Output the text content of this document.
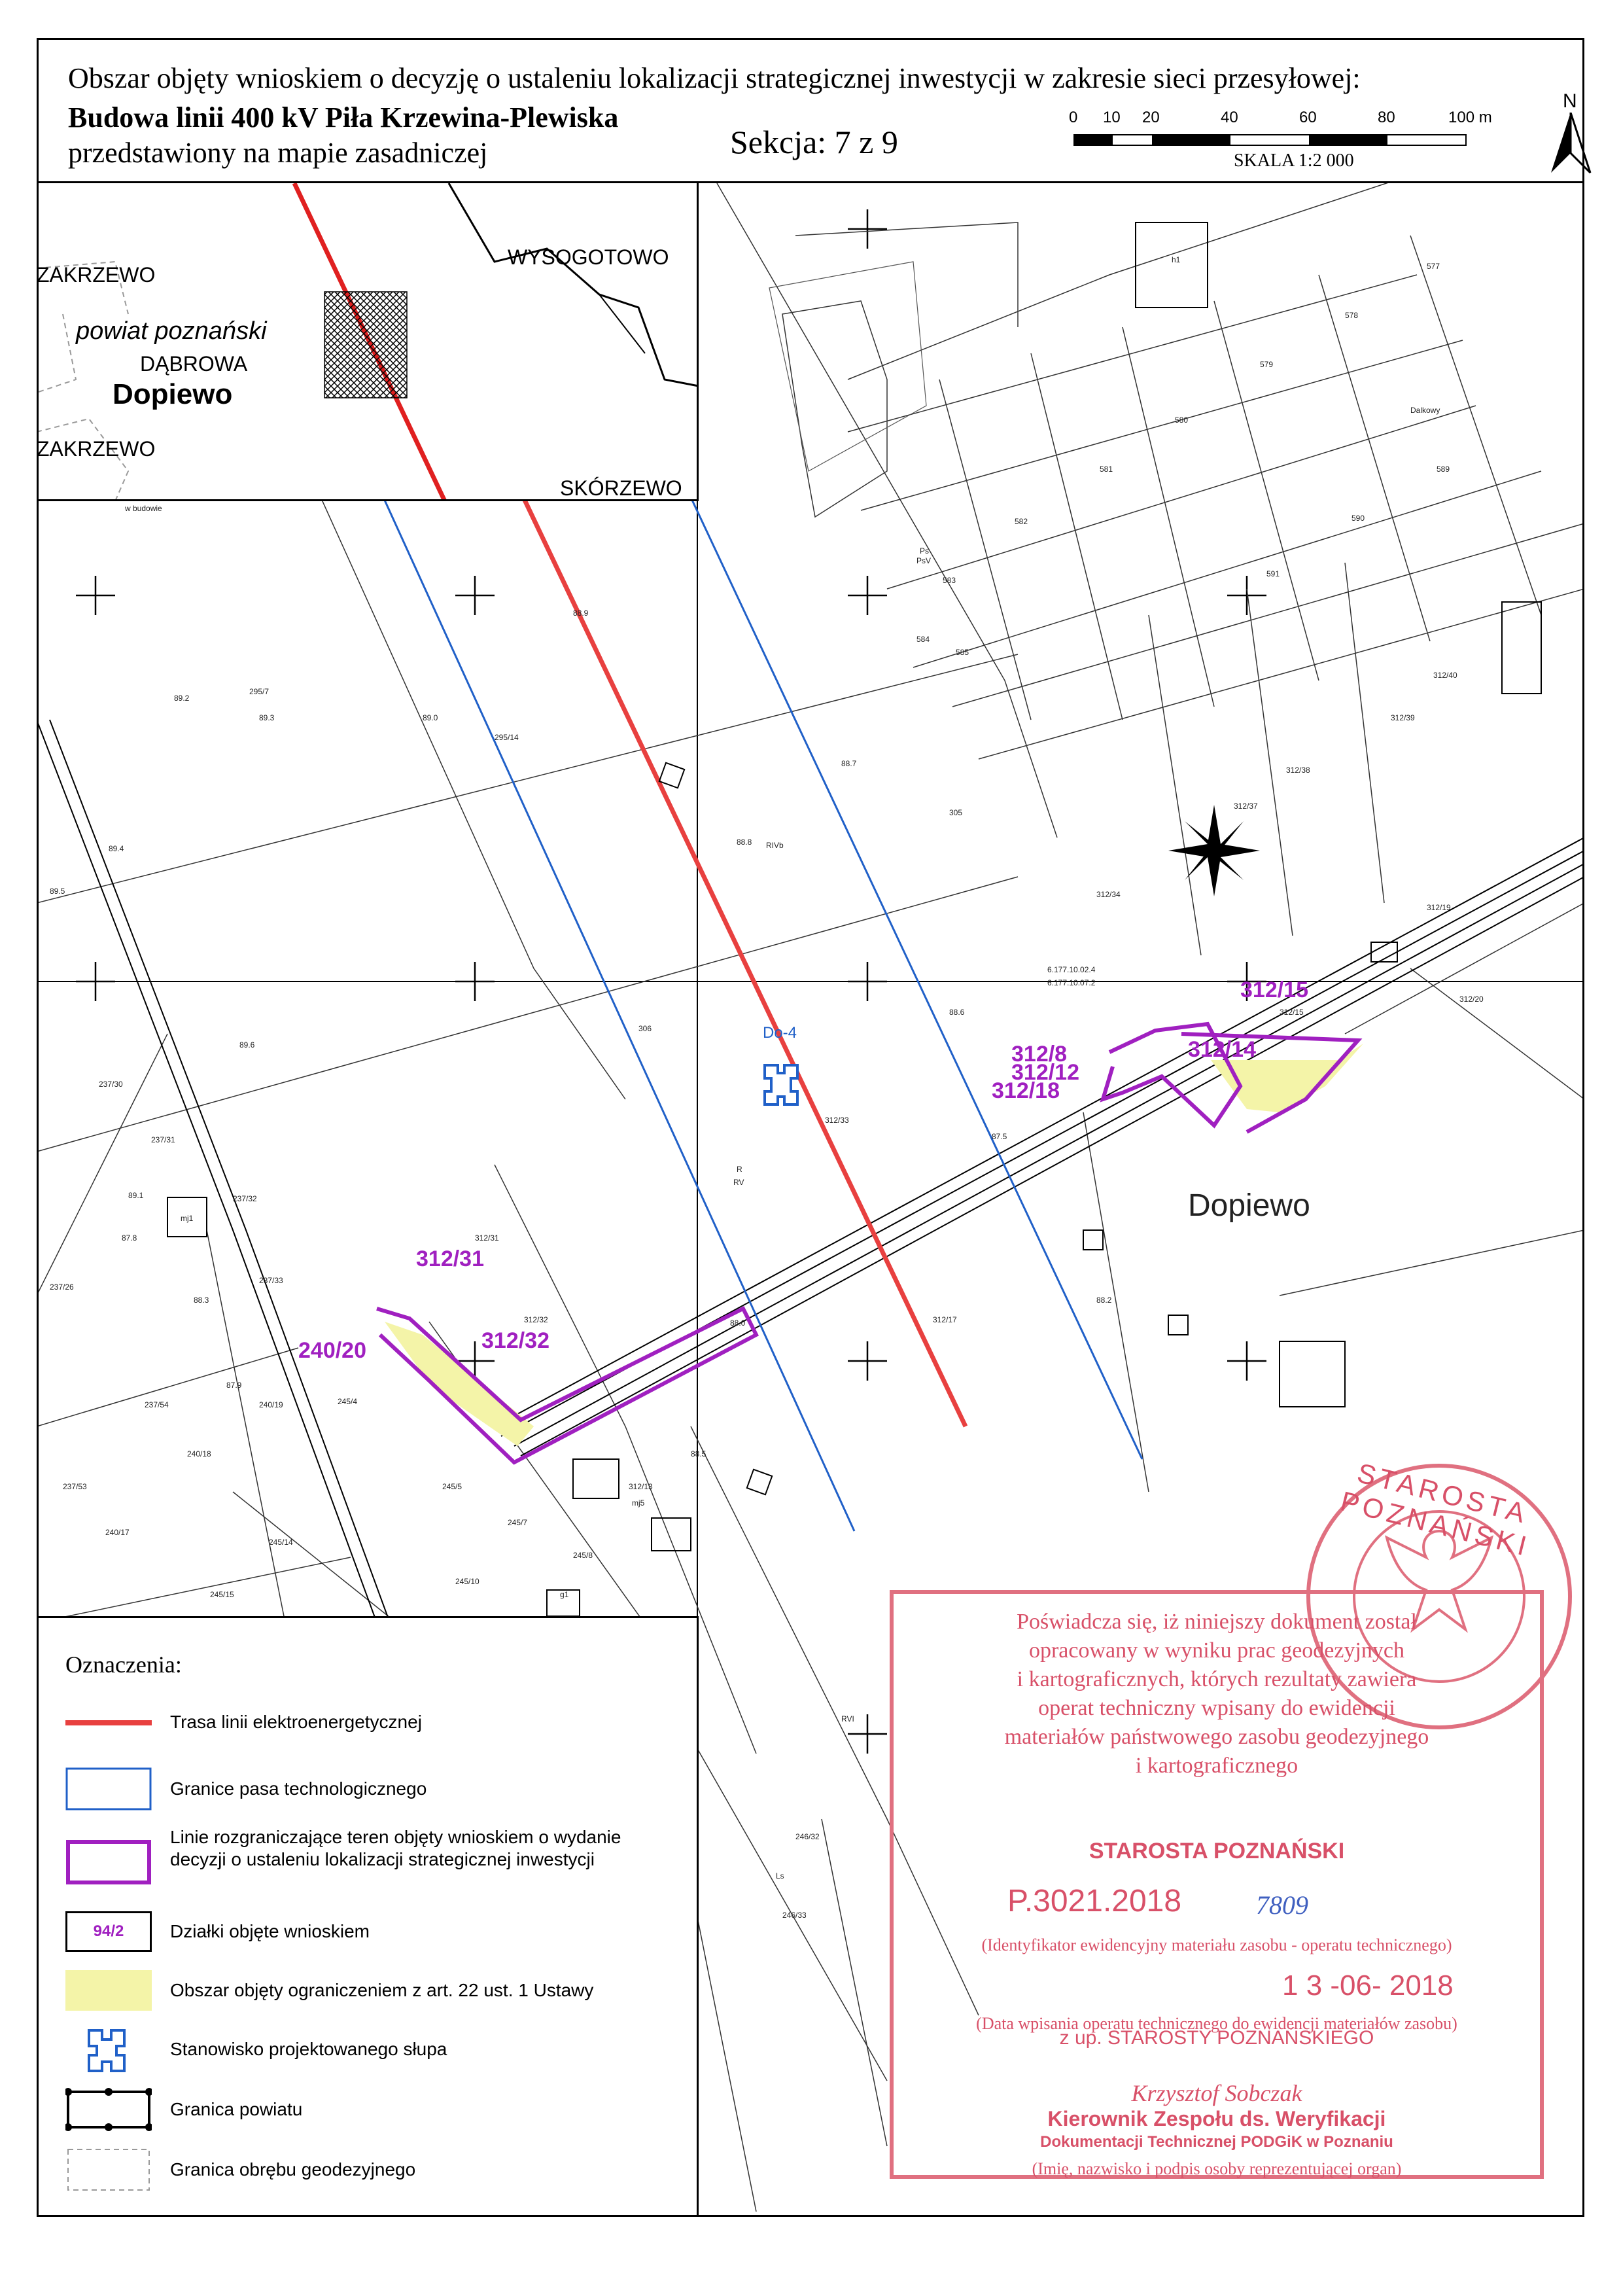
312/15
312/14
312/8
312/12
312/18
312/31
312/32
240/20
Do-4
Dopiewo
295/7
295/14
305
306
312/33
312/31
312/32	312/17
312/34
312/38
312/37
312/39
312/40
312/19
312/20
312/15
312/13
237/30
237/31
237/32
237/33
237/26
237/54
237/53
240/19
240/18
240/17
245/4
245/5
245/7
245/8
245/14
245/10
245/15
246/32
246/33
577
578
579
580
581
582
583
584
585
589
590
591
6.177.10.02.4
6.177.10.07.2
R
RV
RIVb
Ps
PsV
h1
mj1
mj5
g1
w budowie
Dalkowy
RVI
Ls
88.9
88.8
88.7
88.6
89.0
89.2
89.3
89.4
89.5
89.1
88.2
88.0
87.5
87.8
88.3
87.9
88.5
89.6
Obszar objęty wnioskiem o decyzję o ustaleniu lokalizacji strategicznej inwestycji w zakresie sieci przesyłowej:
Budowa linii 400 kV Piła Krzewina-Plewiska
przedstawiony na mapie zasadniczej	Sekcja: 7 z 9
0 10 20	40	60	80	100 m
SKALA 1:2 000
N
ZAKRZEWO
WYSOGOTOWO
powiat poznański
DĄBROWA
Dopiewo
ZAKRZEWO
SKÓRZEWO
Oznaczenia:
Trasa linii elektroenergetycznej
Granice pasa technologicznego
Linie rozgraniczające teren objęty wnioskiem o wydanie decyzji o ustaleniu lokalizacji strategicznej inwestycji
94/2	Działki objęte wnioskiem
Obszar objęty ograniczeniem z art. 22 ust. 1 Ustawy
Stanowisko projektowanego słupa
Granica powiatu
Granica obrębu geodezyjnego
STAROSTA POZNAŃSKI
Poświadcza się, iż niniejszy dokument został
opracowany w wyniku prac geodezyjnych
i kartograficznych, których rezultaty zawiera
operat techniczny wpisany do ewidencji
materiałów państwowego zasobu geodezyjnego
i kartograficznego
STAROSTA POZNAŃSKI
P.3021.2018	7809
(Identyfikator ewidencyjny materiału zasobu - operatu technicznego)
1 3 -06- 2018
(Data wpisania operatu technicznego do ewidencji materiałów zasobu)
z up. STAROSTY POZNAŃSKIEGO
Krzysztof Sobczak
Kierownik Zespołu ds. Weryfikacji
Dokumentacji Technicznej PODGiK w Poznaniu
(Imię, nazwisko i podpis osoby reprezentującej organ)
